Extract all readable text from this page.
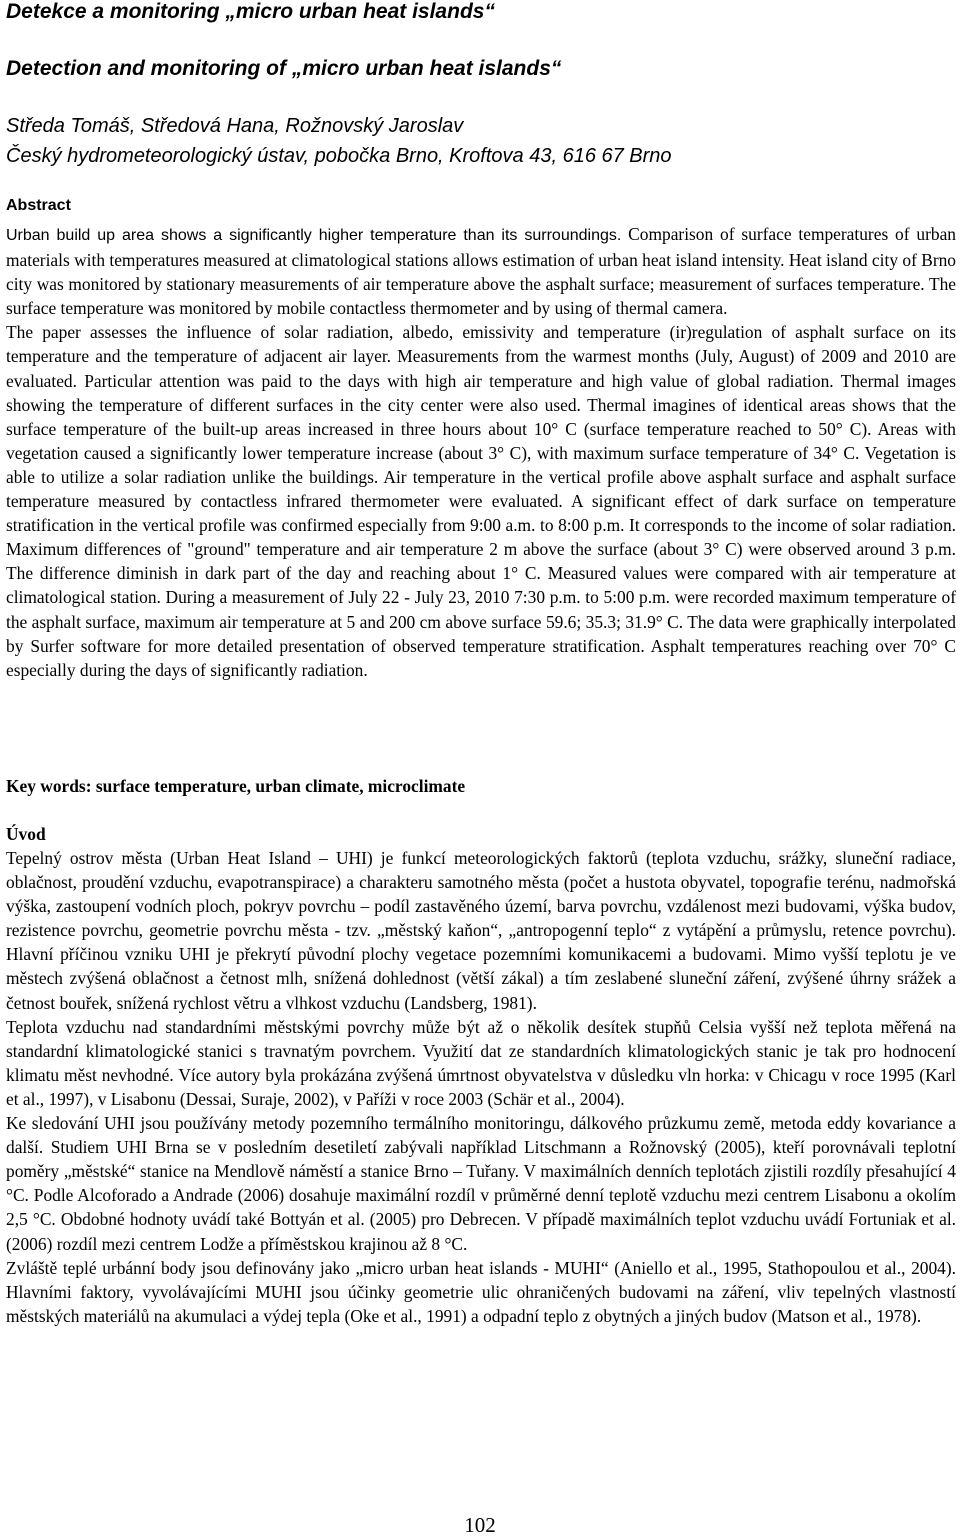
Detekce a monitoring „micro urban heat islands“
Detection and monitoring of „micro urban heat islands“
Středa Tomáš, Středová Hana, Rožnovský Jaroslav
Český hydrometeorologický ústav, pobočka Brno, Kroftova 43, 616 67 Brno
Abstract

Urban build up area shows a significantly higher temperature than its surroundings. Comparison of surface temperatures of urban materials with temperatures measured at climatological stations allows estimation of urban heat island intensity. Heat island city of Brno city was monitored by stationary measurements of air temperature above the asphalt surface; measurement of surfaces temperature. The surface temperature was monitored by mobile contactless thermometer and by using of thermal camera.

The paper assesses the influence of solar radiation, albedo, emissivity and temperature (ir)regulation of asphalt surface on its temperature and the temperature of adjacent air layer. Measurements from the warmest months (July, August) of 2009 and 2010 are evaluated. Particular attention was paid to the days with high air temperature and high value of global radiation. Thermal images showing the temperature of different surfaces in the city center were also used. Thermal imagines of identical areas shows that the surface temperature of the built-up areas increased in three hours about 10° C (surface temperature reached to 50° C). Areas with vegetation caused a significantly lower temperature increase (about 3° C), with maximum surface temperature of 34° C. Vegetation is able to utilize a solar radiation unlike the buildings. Air temperature in the vertical profile above asphalt surface and asphalt surface temperature measured by contactless infrared thermometer were evaluated. A significant effect of dark surface on temperature stratification in the vertical profile was confirmed especially from 9:00 a.m. to 8:00 p.m. It corresponds to the income of solar radiation. Maximum differences of "ground" temperature and air temperature 2 m above the surface (about 3° C) were observed around 3 p.m. The difference diminish in dark part of the day and reaching about 1° C. Measured values were compared with air temperature at climatological station. During a measurement of July 22 - July 23, 2010 7:30 p.m. to 5:00 p.m. were recorded maximum temperature of the asphalt surface, maximum air temperature at 5 and 200 cm above surface 59.6; 35.3; 31.9° C. The data were graphically interpolated by Surfer software for more detailed presentation of observed temperature stratification. Asphalt temperatures reaching over 70° C especially during the days of significantly radiation.

Key words: surface temperature, urban climate, microclimate
Úvod

Tepelný ostrov města (Urban Heat Island – UHI) je funkcí meteorologických faktorů (teplota vzduchu, srážky, sluneční radiace, oblačnost, proudění vzduchu, evapotranspirace) a charakteru samotného města (počet a hustota obyvatel, topografie terénu, nadmořská výška, zastoupení vodních ploch, pokryv povrchu – podíl zastavěného území, barva povrchu, vzdálenost mezi budovami, výška budov, rezistence povrchu, geometrie povrchu města - tzv. „městský kaňon“, „antropogenní teplo“ z vytápění a průmyslu, retence povrchu). Hlavní příčinou vzniku UHI je překrytí původní plochy vegetace pozemními komunikacemi a budovami. Mimo vyšší teplotu je ve městech zvýšená oblačnost a četnost mlh, snížená dohlednost (větší zákal) a tím zeslabené sluneční záření, zvýšené úhrny srážek a četnost bouřek, snížená rychlost větru a vlhkost vzduchu (Landsberg, 1981).

Teplota vzduchu nad standardními městskými povrchy může být až o několik desítek stupňů Celsia vyšší než teplota měřená na standardní klimatologické stanici s travnatým povrchem. Využití dat ze standardních klimatologických stanic je tak pro hodnocení klimatu měst nevhodné. Více autory byla prokázána zvýšená úmrtnost obyvatelstva v důsledku vln horka: v Chicagu v roce 1995 (Karl et al., 1997), v Lisabonu (Dessai, Suraje, 2002), v Paříži v roce 2003 (Schär et al., 2004).

Ke sledování UHI jsou používány metody pozemního termálního monitoringu, dálkového průzkumu země, metoda eddy kovariance a další. Studiem UHI Brna se v posledním desetiletí zabývali například Litschmann a Rožnovský (2005), kteří porovnávali teplotní poměry „městské“ stanice na Mendlově náměstí a stanice Brno – Tuřany. V maximálních denních teplotách zjistili rozdíly přesahující 4 °C. Podle Alcoforado a Andrade (2006) dosahuje maximální rozdíl v průměrné denní teplotě vzduchu mezi centrem Lisabonu a okolím 2,5 °C. Obdobné hodnoty uvádí také Bottyán et al. (2005) pro Debrecen. V případě maximálních teplot vzduchu uvádí Fortuniak et al. (2006) rozdíl mezi centrem Lodže a příměstskou krajinou až 8 °C.

Zvláště teplé urbánní body jsou definovány jako „micro urban heat islands - MUHI“ (Aniello et al., 1995, Stathopoulou et al., 2004). Hlavními faktory, vyvolávajícími MUHI jsou účinky geometrie ulic ohraničených budovami na záření, vliv tepelných vlastností městských materiálů na akumulaci a výdej tepla (Oke et al., 1991) a odpadní teplo z obytných a jiných budov (Matson et al., 1978).

102
